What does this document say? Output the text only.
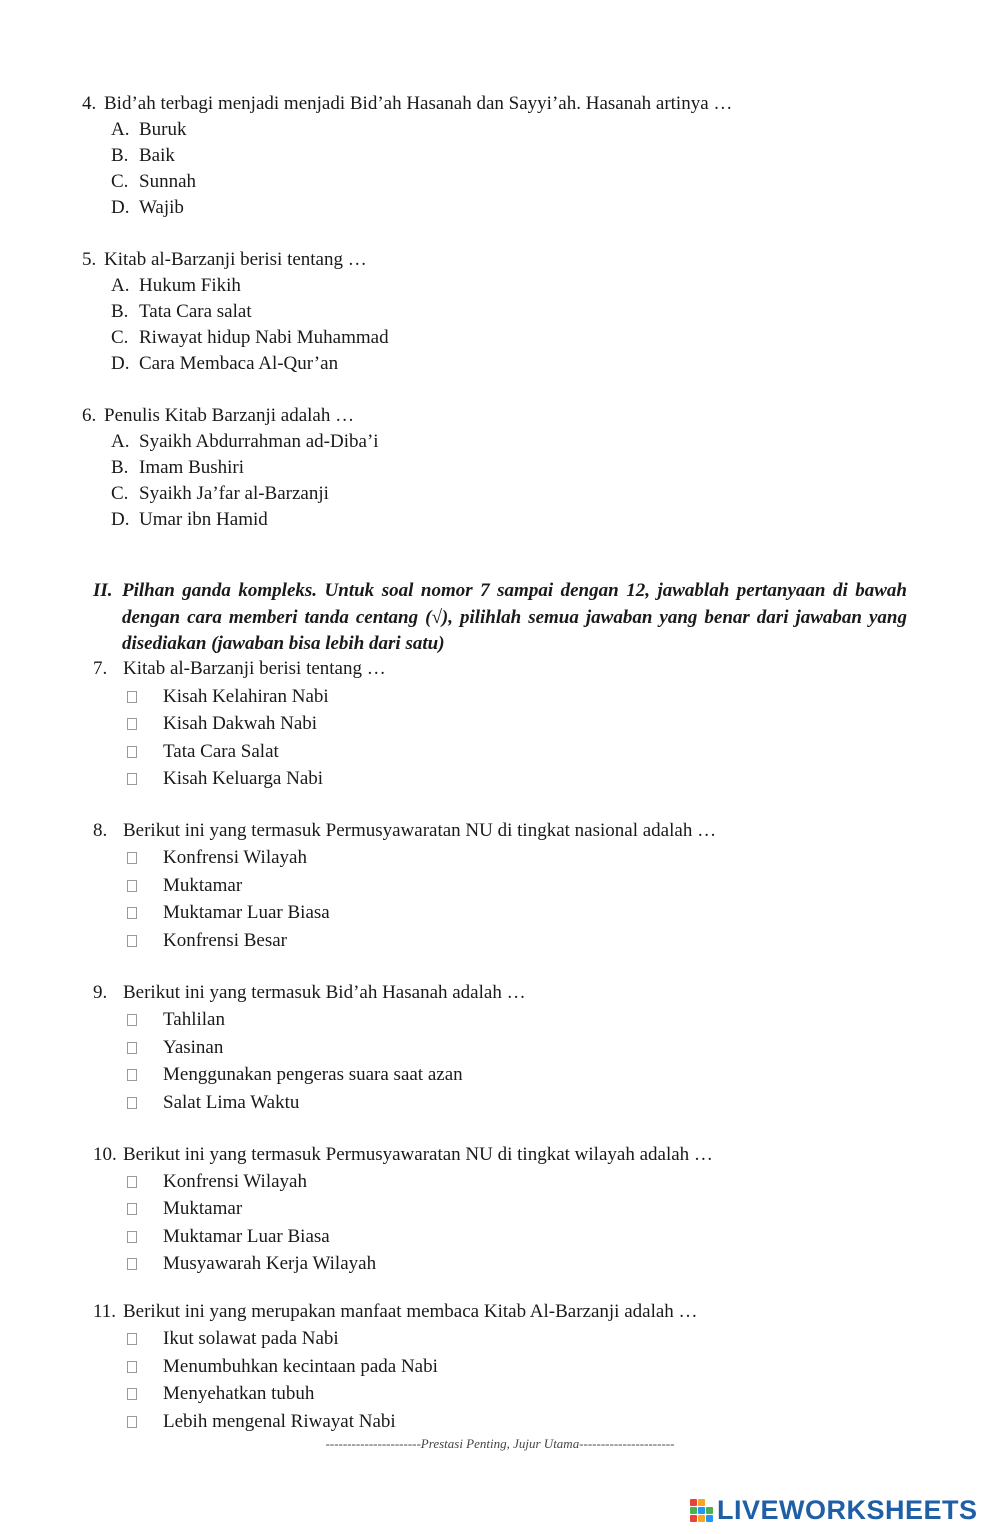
4. Bid’ah terbagi menjadi menjadi Bid’ah Hasanah dan Sayyi’ah. Hasanah artinya …
A. Buruk
B. Baik
C. Sunnah
D. Wajib
5. Kitab al-Barzanji berisi tentang …
A. Hukum Fikih
B. Tata Cara salat
C. Riwayat hidup Nabi Muhammad
D. Cara Membaca Al-Qur’an
6. Penulis Kitab Barzanji adalah …
A. Syaikh Abdurrahman ad-Diba’i
B. Imam Bushiri
C. Syaikh Ja’far al-Barzanji
D. Umar ibn Hamid
II. Pilhan ganda kompleks. Untuk soal nomor 7 sampai dengan 12, jawablah pertanyaan di bawah dengan cara memberi tanda centang (√), pilihlah semua jawaban yang benar dari jawaban yang disediakan (jawaban bisa lebih dari satu)
7. Kitab al-Barzanji berisi tentang …
Kisah Kelahiran Nabi
Kisah Dakwah Nabi
Tata Cara Salat
Kisah Keluarga Nabi
8. Berikut ini yang termasuk Permusyawaratan NU di tingkat nasional adalah …
Konfrensi Wilayah
Muktamar
Muktamar Luar Biasa
Konfrensi Besar
9. Berikut ini yang termasuk Bid’ah Hasanah adalah …
Tahlilan
Yasinan
Menggunakan pengeras suara saat azan
Salat Lima Waktu
10. Berikut ini yang termasuk Permusyawaratan NU di tingkat wilayah adalah …
Konfrensi Wilayah
Muktamar
Muktamar Luar Biasa
Musyawarah Kerja Wilayah
11. Berikut ini yang merupakan manfaat membaca Kitab Al-Barzanji adalah …
Ikut solawat pada Nabi
Menumbuhkan kecintaan pada Nabi
Menyehatkan tubuh
Lebih mengenal Riwayat Nabi
----------------------Prestasi Penting, Jujur Utama----------------------
LIVEWORKSHEETS
